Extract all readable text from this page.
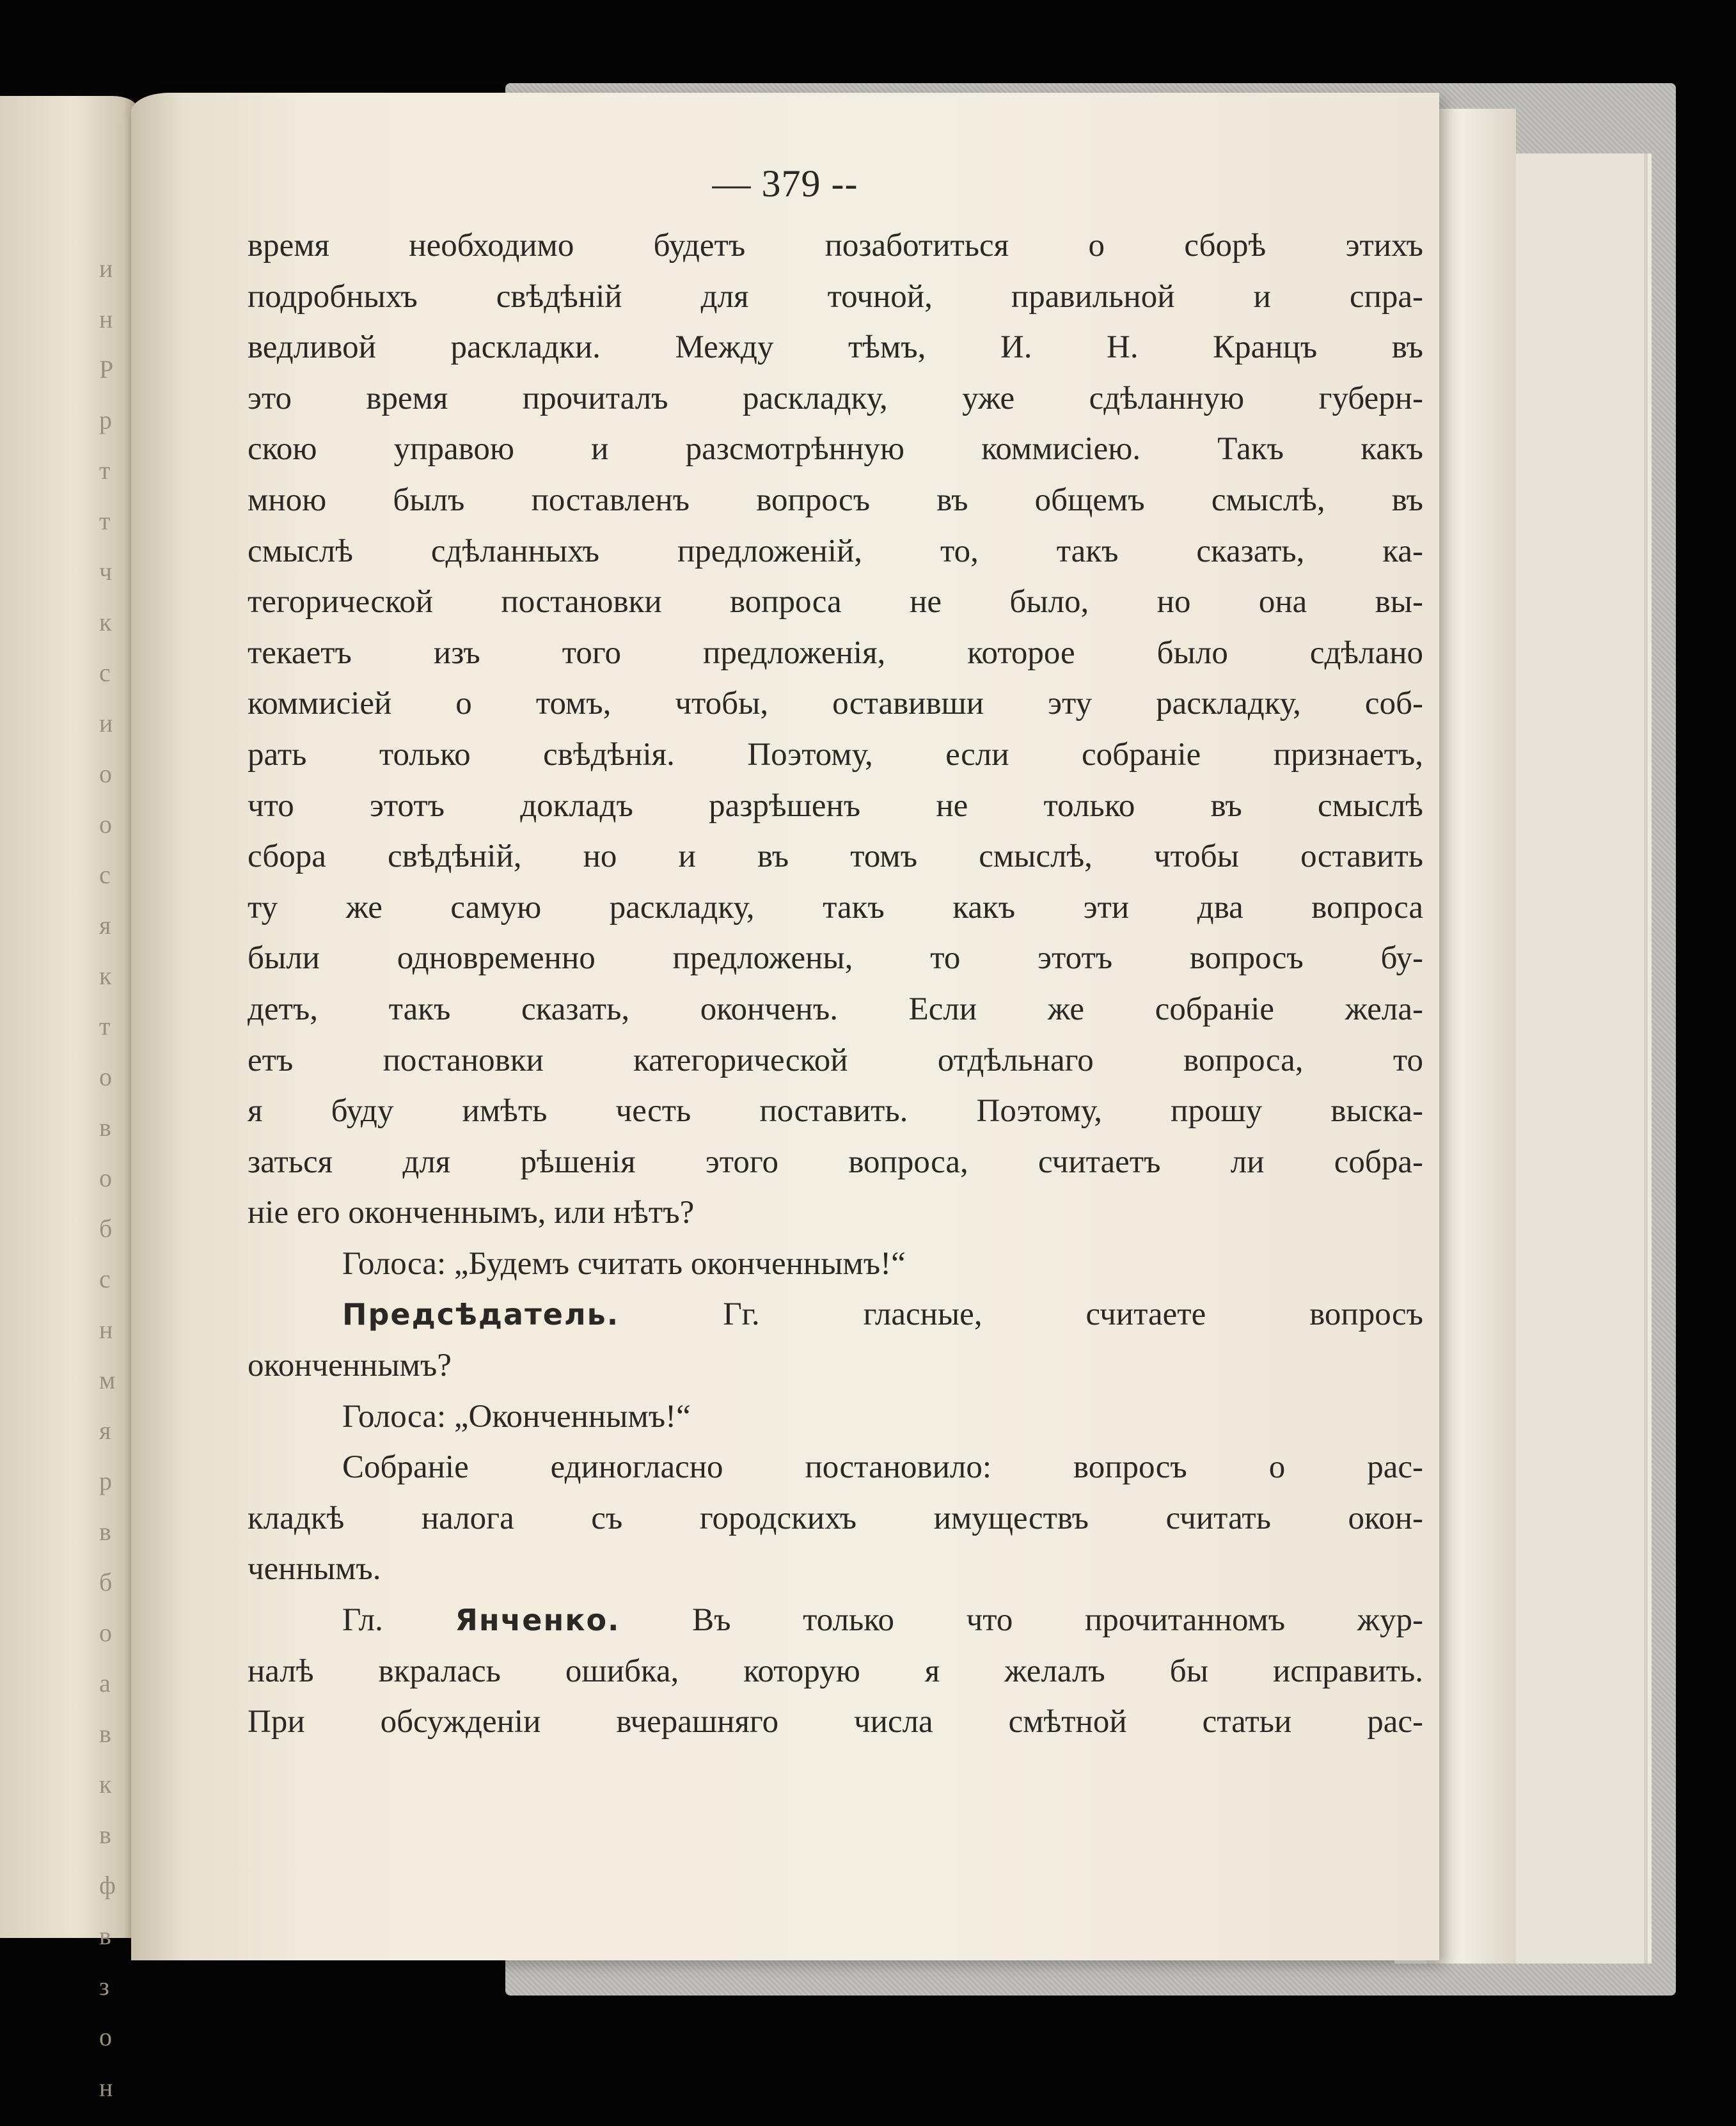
и
н
Р
р
т
т
ч
к
с
и
о
о
с
я
к
т
о
в
о
б
с
н
м
я
р
в
б
о
а
в
к
в
ф
в
з
о
н
— 379 --
время необходимо будетъ позаботиться о сборѣ этихъ
подробныхъ свѣдѣній для точной, правильной и спра-
ведливой раскладки. Между тѣмъ, И. Н. Кранцъ въ
это время прочиталъ раскладку, уже сдѣланную губерн-
скою управою и разсмотрѣнную коммисіею. Такъ какъ
мною былъ поставленъ вопросъ въ общемъ смыслѣ, въ
смыслѣ сдѣланныхъ предложеній, то, такъ сказать, ка-
тегорической постановки вопроса не было, но она вы-
текаетъ изъ того предложенія, которое было сдѣлано
коммисіей о томъ, чтобы, оставивши эту раскладку, соб-
рать только свѣдѣнія. Поэтому, если собраніе признаетъ,
что этотъ докладъ разрѣшенъ не только въ смыслѣ
сбора свѣдѣній, но и въ томъ смыслѣ, чтобы оставить
ту же самую раскладку, такъ какъ эти два вопроса
были одновременно предложены, то этотъ вопросъ бу-
детъ, такъ сказать, оконченъ. Если же собраніе жела-
етъ постановки категорической отдѣльнаго вопроса, то
я буду имѣть честь поставить. Поэтому, прошу выска-
заться для рѣшенія этого вопроса, считаетъ ли собра-
ніе его оконченнымъ, или нѣтъ?
Голоса: „Будемъ считать оконченнымъ!“
Предсѣдатель.	Гг. гласные, считаете вопросъ
оконченнымъ?
Голоса: „Оконченнымъ!“
Собраніе единогласно постановило: вопросъ о рас-
кладкѣ налога съ городскихъ имуществъ считать окон-
ченнымъ.
Гл. Янченко. Въ только что прочитанномъ жур-
налѣ вкралась ошибка, которую я желалъ бы исправить.
При обсужденіи вчерашняго числа смѣтной статьи рас-
